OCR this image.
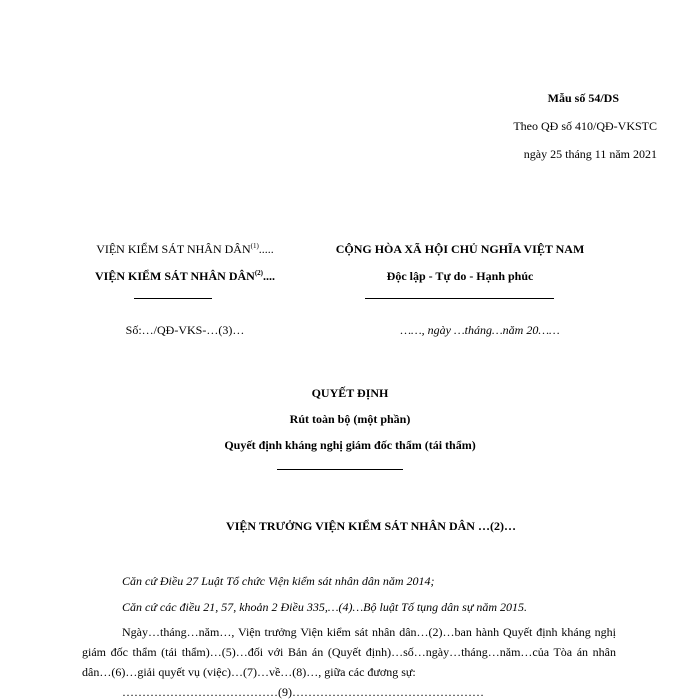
Mẫu số 54/DS
Theo QĐ số 410/QĐ-VKSTC
ngày 25 tháng 11 năm 2021
VIỆN KIỂM SÁT NHÂN DÂN$^{(1)}$.....
VIỆN KIỂM SÁT NHÂN DÂN$^{(2)}$....
Số:…/QĐ-VKS-…(3)…
CỘNG HÒA XÃ HỘI CHỦ NGHĨA VIỆT NAM
Độc lập - Tự do - Hạnh phúc
……, ngày …tháng…năm 20……
QUYẾT ĐỊNH
Rút toàn bộ (một phần)
Quyết định kháng nghị giám đốc thẩm (tái thẩm)
VIỆN TRƯỞNG VIỆN KIỂM SÁT NHÂN DÂN …(2)…
Căn cứ Điều 27 Luật Tổ chức Viện kiểm sát nhân dân năm 2014;
Căn cứ các điều 21, 57, khoản 2 Điều 335,…(4)…Bộ luật Tố tụng dân sự năm 2015.

Ngày…tháng…năm…, Viện trưởng Viện kiểm sát nhân dân…(2)…ban hành Quyết định kháng nghị giám đốc thẩm (tái thẩm)…(5)…đối với Bản án (Quyết định)…số…ngày…tháng…năm…của Tòa án nhân dân…(6)…giải quyết vụ (việc)…(7)…về…(8)…, giữa các đương sự:

…………………………………(9)…………………………………………
